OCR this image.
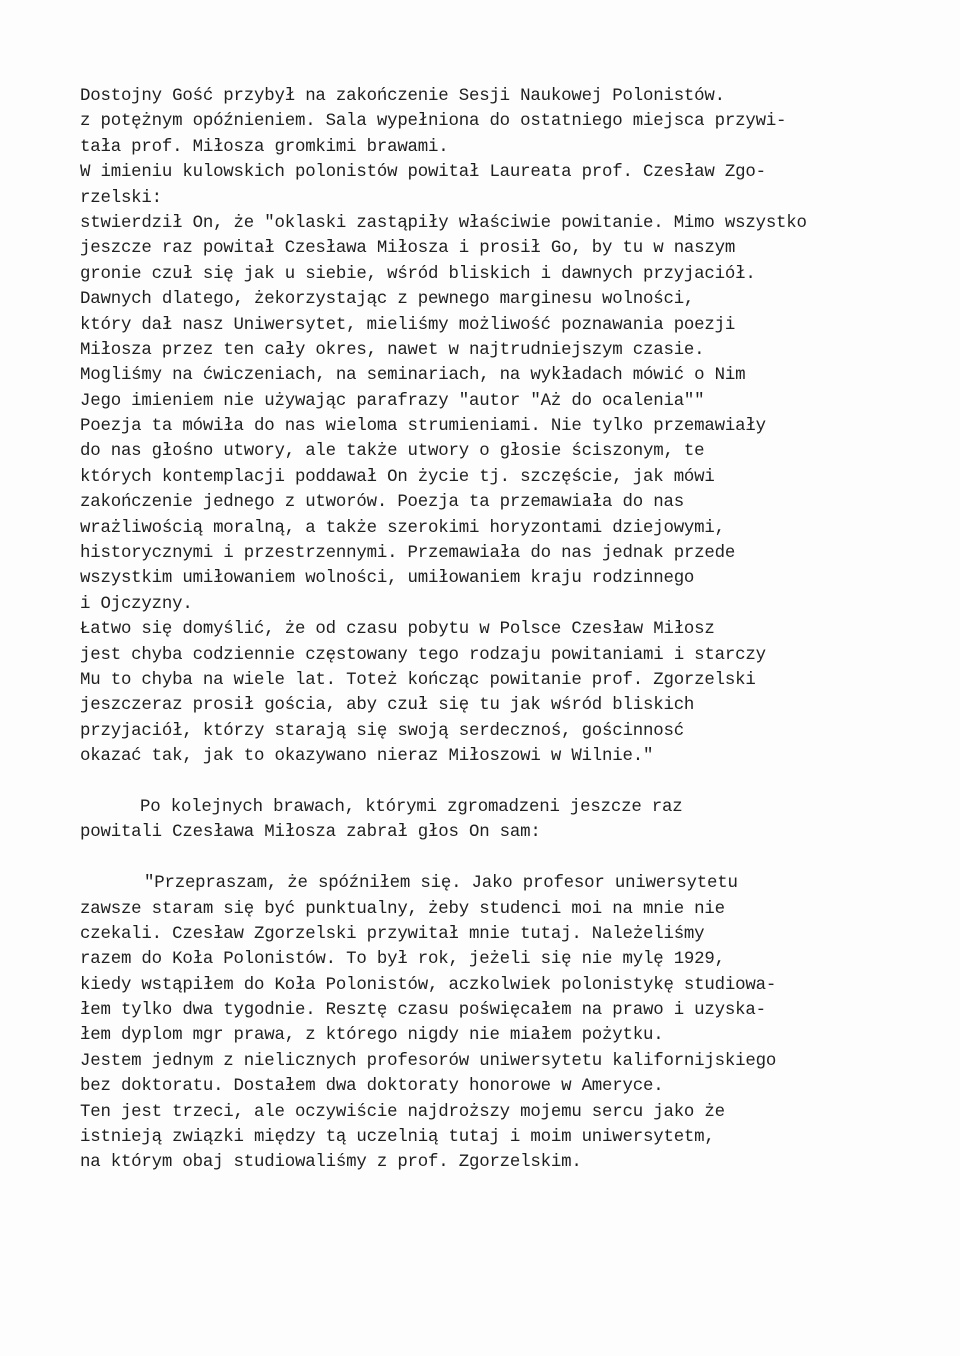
Dostojny Gość przybył na zakończenie Sesji Naukowej Polonistów.
z potężnym opóźnieniem. Sala wypełniona do ostatniego miejsca przywi-
tała prof. Miłosza gromkimi brawami.
W imieniu kulowskich polonistów powitał Laureata prof. Czesław Zgo-
rzelski:
stwierdził On, że "oklaski zastąpiły właściwie powitanie. Mimo wszystko
jeszcze raz powitał Czesława Miłosza i prosił Go, by tu w naszym
gronie czuł się jak u siebie, wśród bliskich i dawnych przyjaciół.
Dawnych dlatego, żekorzystając z pewnego marginesu wolności,
który dał nasz Uniwersytet, mieliśmy możliwość poznawania poezji
Miłosza przez ten cały okres, nawet w najtrudniejszym czasie.
Mogliśmy na ćwiczeniach, na seminariach, na wykładach mówić o Nim
Jego imieniem nie używając parafrazy "autor "Aż do ocalenia""
Poezja ta mówiła do nas wieloma strumieniami. Nie tylko przemawiały
do nas głośno utwory, ale także utwory o głosie ściszonym, te
których kontemplacji poddawał On życie tj. szczęście, jak mówi
zakończenie jednego z utworów. Poezja ta przemawiała do nas
wrażliwością moralną, a także szerokimi horyzontami dziejowymi,
historycznymi i przestrzennymi. Przemawiała do nas jednak przede
wszystkim umiłowaniem wolności, umiłowaniem kraju rodzinnego
i Ojczyzny.
Łatwo się domyślić, że od czasu pobytu w Polsce Czesław Miłosz
jest chyba codziennie częstowany tego rodzaju powitaniami i starczy
Mu to chyba na wiele lat. Toteż kończąc powitanie prof. Zgorzelski
jeszczeraz prosił gościa, aby czuł się tu jak wśród bliskich
przyjaciół, którzy starają się swoją serdecznoś, gościnnosć
okazać tak, jak to okazywano nieraz Miłoszowi w Wilnie."
Po kolejnych brawach, którymi zgromadzeni jeszcze raz
powitali Czesława Miłosza zabrał głos On sam:
"Przepraszam, że spóźniłem się. Jako profesor uniwersytetu
zawsze staram się być punktualny, żeby studenci moi na mnie nie
czekali. Czesław Zgorzelski przywitał mnie tutaj. Należeliśmy
razem do Koła Polonistów. To był rok, jeżeli się nie mylę 1929,
kiedy wstąpiłem do Koła Polonistów, aczkolwiek polonistykę studiowa-
łem tylko dwa tygodnie. Resztę czasu poświęcałem na prawo i uzyska-
łem dyplom mgr prawa, z którego nigdy nie miałem pożytku.
Jestem jednym z nielicznych profesorów uniwersytetu kalifornijskiego
bez doktoratu. Dostałem dwa doktoraty honorowe w Ameryce.
Ten jest trzeci, ale oczywiście najdroższy mojemu sercu jako że
istnieją związki między tą uczelnią tutaj i moim uniwersytetm,
na którym obaj studiowaliśmy z prof. Zgorzelskim.
